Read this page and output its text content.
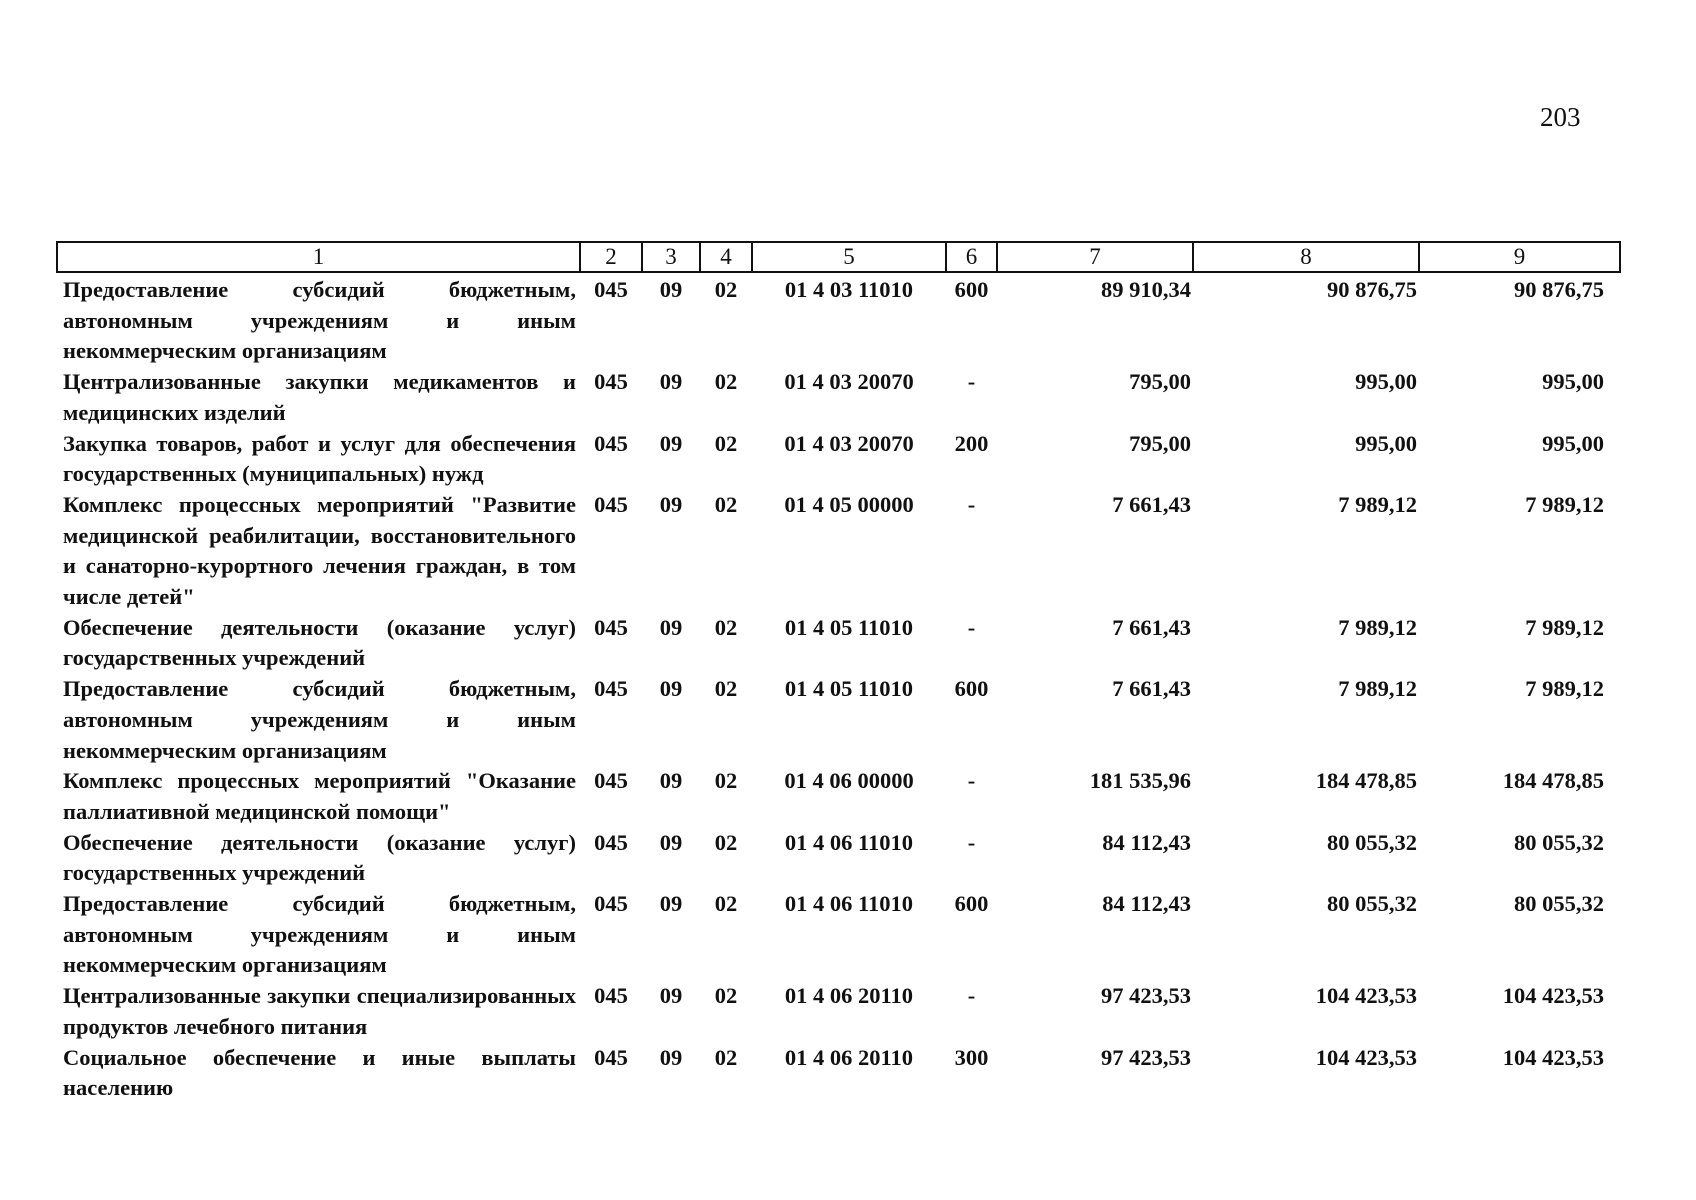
203
1	2	3	4	5	6	7	8	9
Предоставление субсидий бюджетным, автономным учреждениям и иным некоммерческим организациям	045	09	02	01 4 03 11010	600	89 910,34	90 876,75	90 876,75
Централизованные закупки медикаментов и медицинских изделий	045	09	02	01 4 03 20070	-	795,00	995,00	995,00
Закупка товаров, работ и услуг для обеспечения государственных (муниципальных) нужд	045	09	02	01 4 03 20070	200	795,00	995,00	995,00
Комплекс процессных мероприятий "Развитие медицинской реабилитации, восстановительного и санаторно-курортного лечения граждан, в том числе детей"	045	09	02	01 4 05 00000	-	7 661,43	7 989,12	7 989,12
Обеспечение деятельности (оказание услуг) государственных учреждений	045	09	02	01 4 05 11010	-	7 661,43	7 989,12	7 989,12
Предоставление субсидий бюджетным, автономным учреждениям и иным некоммерческим организациям	045	09	02	01 4 05 11010	600	7 661,43	7 989,12	7 989,12
Комплекс процессных мероприятий "Оказание паллиативной медицинской помощи"	045	09	02	01 4 06 00000	-	181 535,96	184 478,85	184 478,85
Обеспечение деятельности (оказание услуг) государственных учреждений	045	09	02	01 4 06 11010	-	84 112,43	80 055,32	80 055,32
Предоставление субсидий бюджетным, автономным учреждениям и иным некоммерческим организациям	045	09	02	01 4 06 11010	600	84 112,43	80 055,32	80 055,32
Централизованные закупки специализированных продуктов лечебного питания	045	09	02	01 4 06 20110	-	97 423,53	104 423,53	104 423,53
Социальное обеспечение и иные выплаты населению	045	09	02	01 4 06 20110	300	97 423,53	104 423,53	104 423,53
